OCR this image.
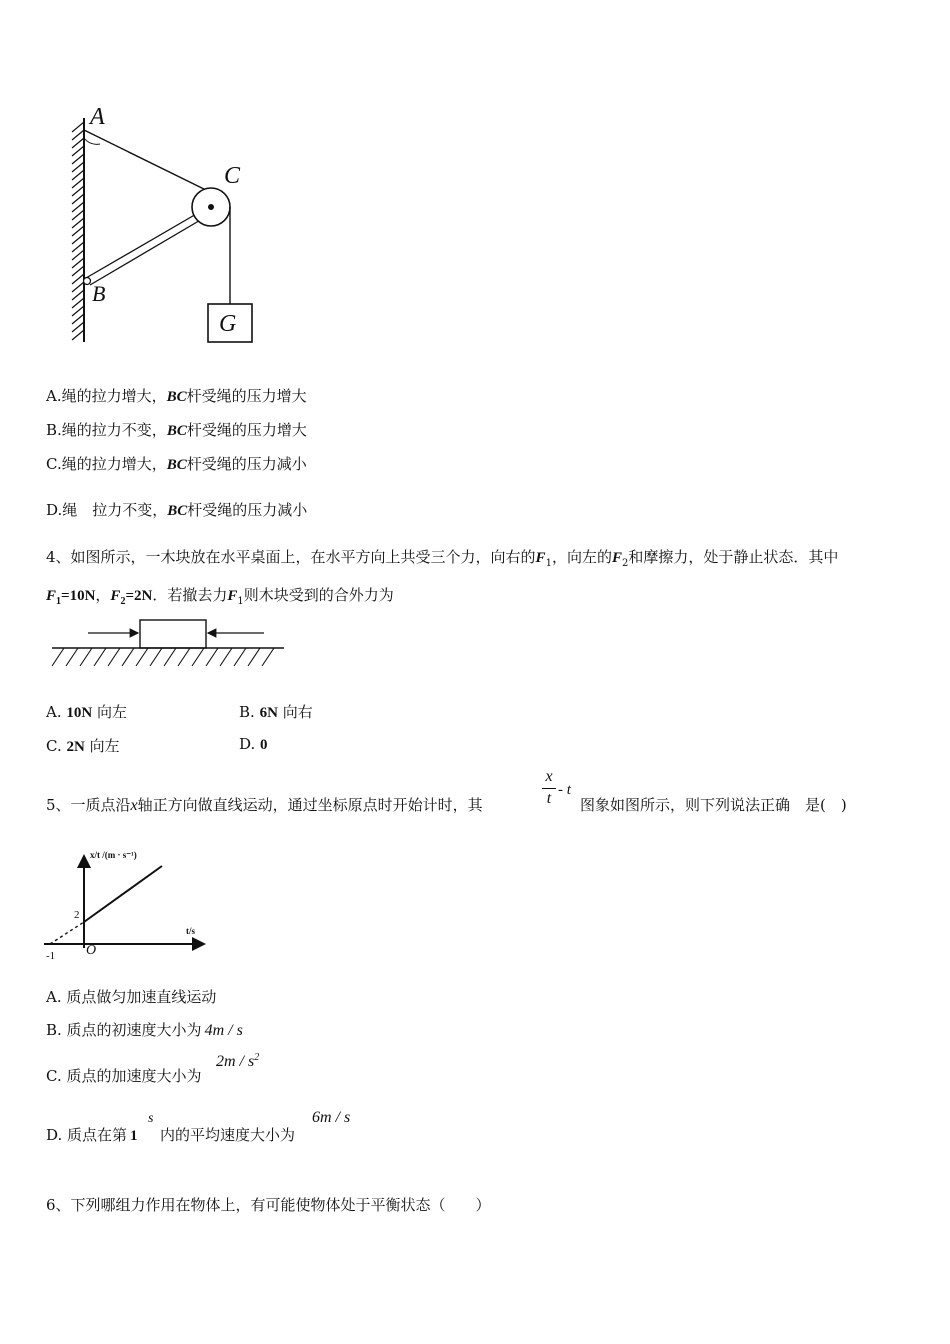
A
C
B
G
A.绳的拉力增大，BC杆受绳的压力增大
B.绳的拉力不变，BC杆受绳的压力增大
C.绳的拉力增大，BC杆受绳的压力减小
D.绳　拉力不变，BC杆受绳的压力减小
4、如图所示，一木块放在水平桌面上，在水平方向上共受三个力，向右的$F_1$，向左的$F_2$和摩擦力，处于静止状态．其中
$F_1=10N$，$F_2=2N$．若撤去力$F_1$则木块受到的合外力为
A. 10N 向左	B. 6N 向右
C. 2N 向左	D. 0
5、一质点沿x轴正方向做直线运动，通过坐标原点时开始计时，其
x
t - t
图象如图所示，则下列说法正确　是(　)
x/t /(m · s⁻¹)
t/s
2
-1 O
A. 质点做匀加速直线运动
B. 质点的初速度大小为 4m / s
C. 质点的加速度大小为
$2m / s^2$
D. 质点在第 1
s
内的平均速度大小为
6m / s
6、下列哪组力作用在物体上，有可能使物体处于平衡状态（　　）
